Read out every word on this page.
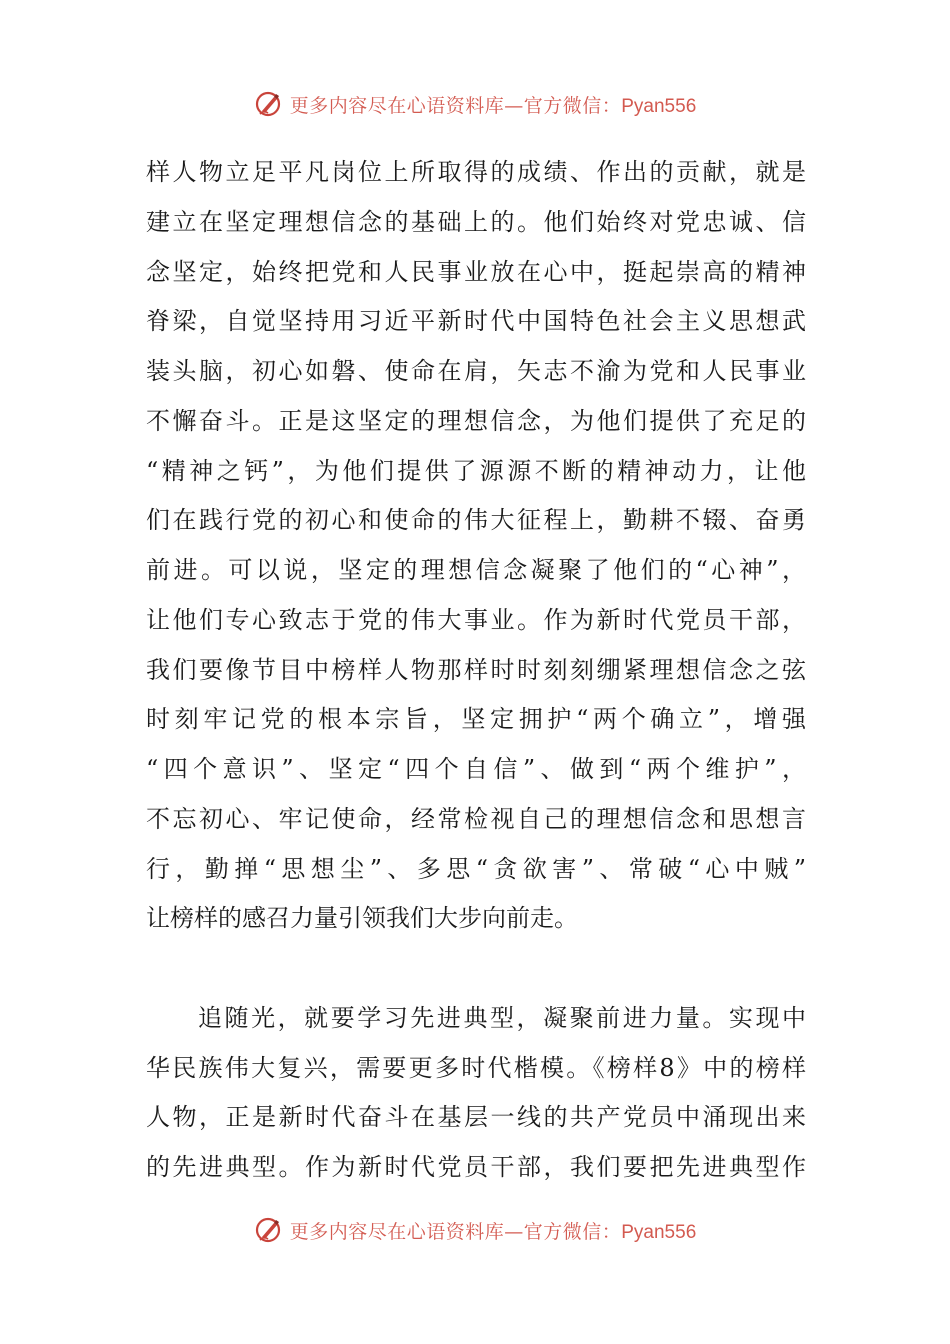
更多内容尽在心语资料库—官方微信：Pyan556
样人物立足平凡岗位上所取得的成绩、作出的贡献，就是
建立在坚定理想信念的基础上的。他们始终对党忠诚、信
念坚定，始终把党和人民事业放在心中，挺起崇高的精神
脊梁，自觉坚持用习近平新时代中国特色社会主义思想武
装头脑，初心如磐、使命在肩，矢志不渝为党和人民事业
不懈奋斗。正是这坚定的理想信念，为他们提供了充足的
“精神之钙”，为他们提供了源源不断的精神动力，让他
们在践行党的初心和使命的伟大征程上，勤耕不辍、奋勇
前进。可以说，坚定的理想信念凝聚了他们的“心神”，
让他们专心致志于党的伟大事业。作为新时代党员干部，
我们要像节目中榜样人物那样时时刻刻绷紧理想信念之弦
时刻牢记党的根本宗旨，坚定拥护“两个确立”，增强
“四个意识”、坚定“四个自信”、做到“两个维护”，
不忘初心、牢记使命，经常检视自己的理想信念和思想言
行，勤掸“思想尘”、多思“贪欲害”、常破“心中贼”
让榜样的感召力量引领我们大步向前走。
追随光，就要学习先进典型，凝聚前进力量。实现中
华民族伟大复兴，需要更多时代楷模。《榜样8》中的榜样
人物，正是新时代奋斗在基层一线的共产党员中涌现出来
的先进典型。作为新时代党员干部，我们要把先进典型作
更多内容尽在心语资料库—官方微信：Pyan556
